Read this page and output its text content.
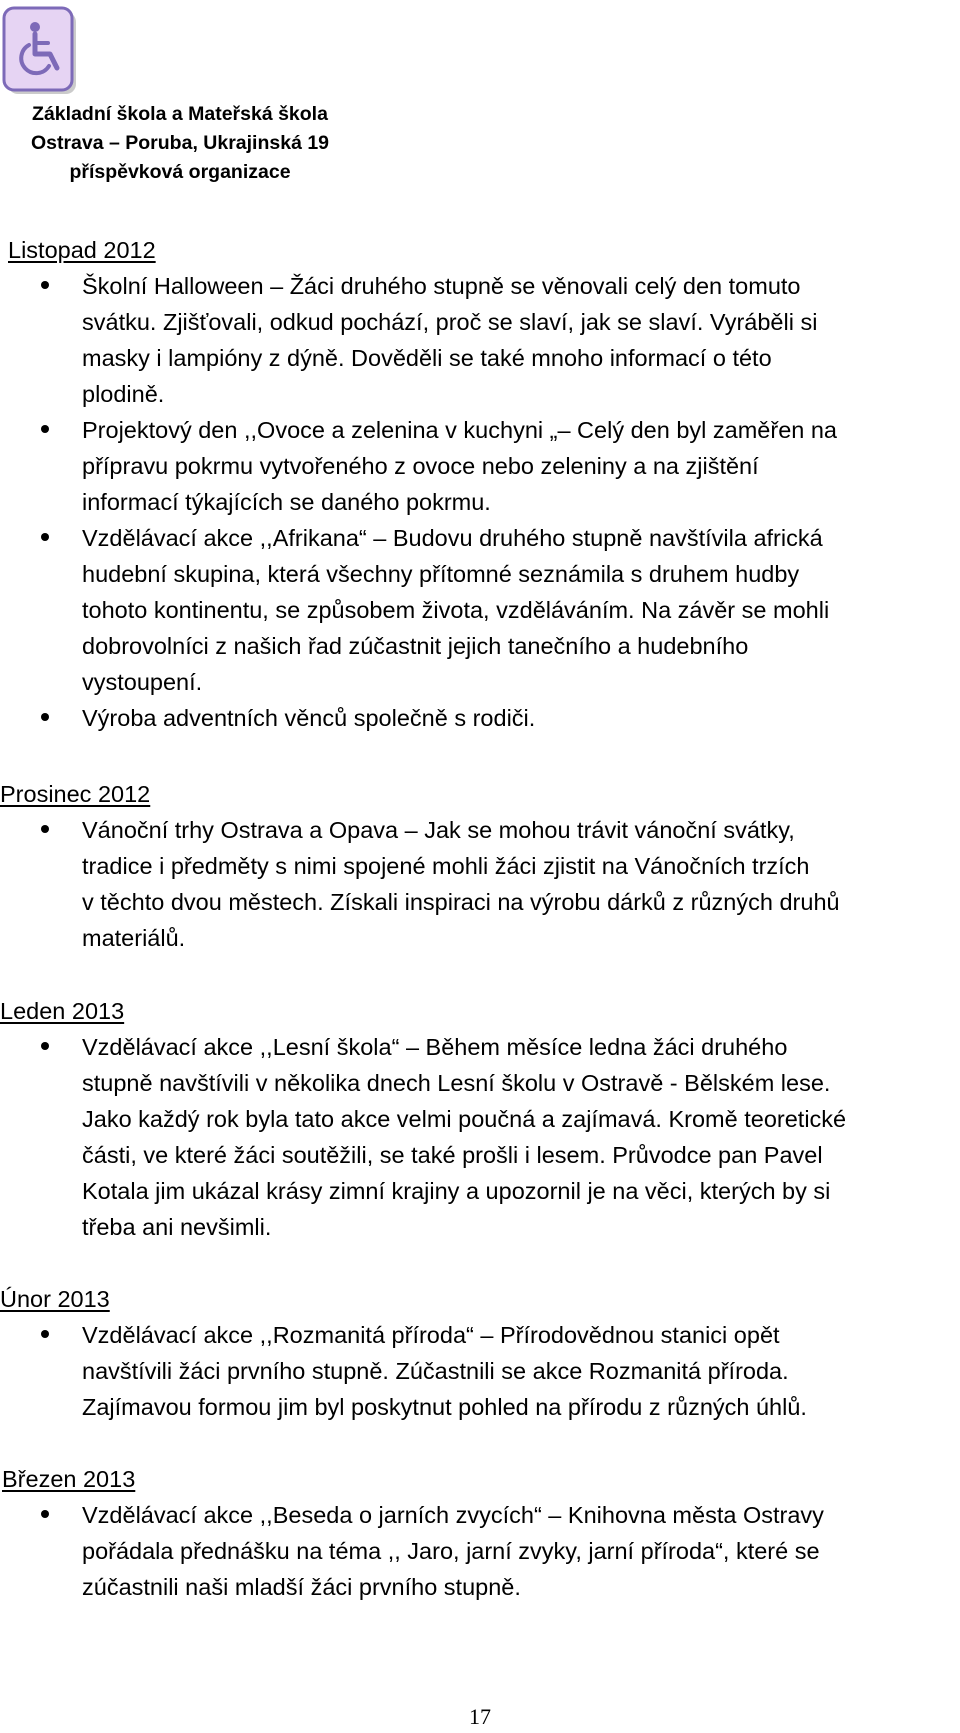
Základní škola a Mateřská škola
Ostrava – Poruba, Ukrajinská 19
příspěvková organizace
Listopad 2012
Školní Halloween – Žáci druhého stupně se věnovali celý den tomuto
svátku. Zjišťovali, odkud pochází, proč se slaví, jak se slaví. Vyráběli si
masky i lampióny z dýně. Dověděli se také mnoho informací o této
plodině.
Projektový den ,,Ovoce a zelenina v kuchyni „– Celý den byl zaměřen na
přípravu pokrmu vytvořeného z ovoce nebo zeleniny a na zjištění
informací týkajících se daného pokrmu.
Vzdělávací akce ,,Afrikana“ – Budovu druhého stupně navštívila africká
hudební skupina, která všechny přítomné seznámila s druhem hudby
tohoto kontinentu, se způsobem života, vzděláváním. Na závěr se mohli
dobrovolníci z našich řad zúčastnit jejich tanečního a hudebního
vystoupení.
Výroba adventních věnců společně s rodiči.
Prosinec 2012
Vánoční trhy Ostrava a Opava – Jak se mohou trávit vánoční svátky,
tradice i předměty s nimi spojené mohli žáci zjistit na Vánočních trzích
v těchto dvou městech. Získali inspiraci na výrobu dárků z různých druhů
materiálů.
Leden 2013
Vzdělávací akce ,,Lesní škola“ – Během měsíce ledna žáci druhého
stupně navštívili v několika dnech Lesní školu v Ostravě - Bělském lese.
Jako každý rok byla tato akce velmi poučná a zajímavá. Kromě teoretické
části, ve které žáci soutěžili, se také prošli i lesem. Průvodce pan Pavel
Kotala jim ukázal krásy zimní krajiny a upozornil je na věci, kterých by si
třeba ani nevšimli.
Únor 2013
Vzdělávací akce ,,Rozmanitá příroda“ – Přírodovědnou stanici opět
navštívili žáci prvního stupně. Zúčastnili se akce Rozmanitá příroda.
Zajímavou formou jim byl poskytnut pohled na přírodu z různých úhlů.
Březen 2013
Vzdělávací akce ,,Beseda o jarních zvycích“ – Knihovna města Ostravy
pořádala přednášku na téma ,, Jaro, jarní zvyky, jarní příroda“, které se
zúčastnili naši mladší žáci prvního stupně.
17
